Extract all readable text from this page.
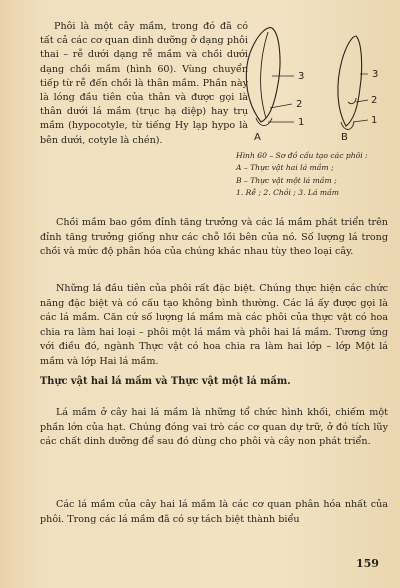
Phôi là một cây mầm, trong đó đã có tất cả các cơ quan dinh dưỡng ở dạng phôi thai – rễ dưới dạng rễ mầm và chồi dưới dạng chồi mầm (hình 60). Vùng chuyển tiếp từ rễ đến chồi là thân mầm. Phần này là lóng đầu tiên của thân và được gọi là thân dưới lá mầm (trục hạ diệp) hay trụ mầm (hypocotyle, từ tiếng Hy lạp hypo là bên dưới, cotyle là chén).

3
2
1
A
3
2
1
B
Hình 60 – Sơ đồ cấu tạo các phôi :
A – Thực vật hai lá mầm ;
B – Thực vật một lá mầm ;
1. Rễ ; 2. Chồi ; 3. Lá mầm

Chồi mầm bao gồm đỉnh tăng trưởng và các lá mầm phát triển trên đỉnh tăng trưởng giống như các chỗ lồi bên của nó. Số lượng lá trong chồi và mức độ phân hóa của chúng khác nhau tùy theo loại cây.

Những lá đầu tiên của phôi rất đặc biệt. Chúng thực hiện các chức năng đặc biệt và có cấu tạo không bình thường. Các lá ấy được gọi là các lá mầm. Căn cứ số lượng lá mầm mà các phôi của thực vật có hoa chia ra làm hai loại – phôi một lá mầm và phôi hai lá mầm. Tương ứng với điều đó, ngành Thực vật có hoa chia ra làm hai lớp – lớp Một lá mầm và lớp Hai lá mầm.

Thực vật hai lá mầm và Thực vật một lá mầm.

Lá mầm ở cây hai lá mầm là những tổ chức hình khối, chiếm một phần lớn của hạt. Chúng đóng vai trò các cơ quan dự trữ, ở đó tích lũy các chất dinh dưỡng để sau đó dùng cho phôi và cây non phát triển.

Các lá mầm của cây hai lá mầm là các cơ quan phân hóa nhất của phôi. Trong các lá mầm đã có sự tách biệt thành biểu

159
